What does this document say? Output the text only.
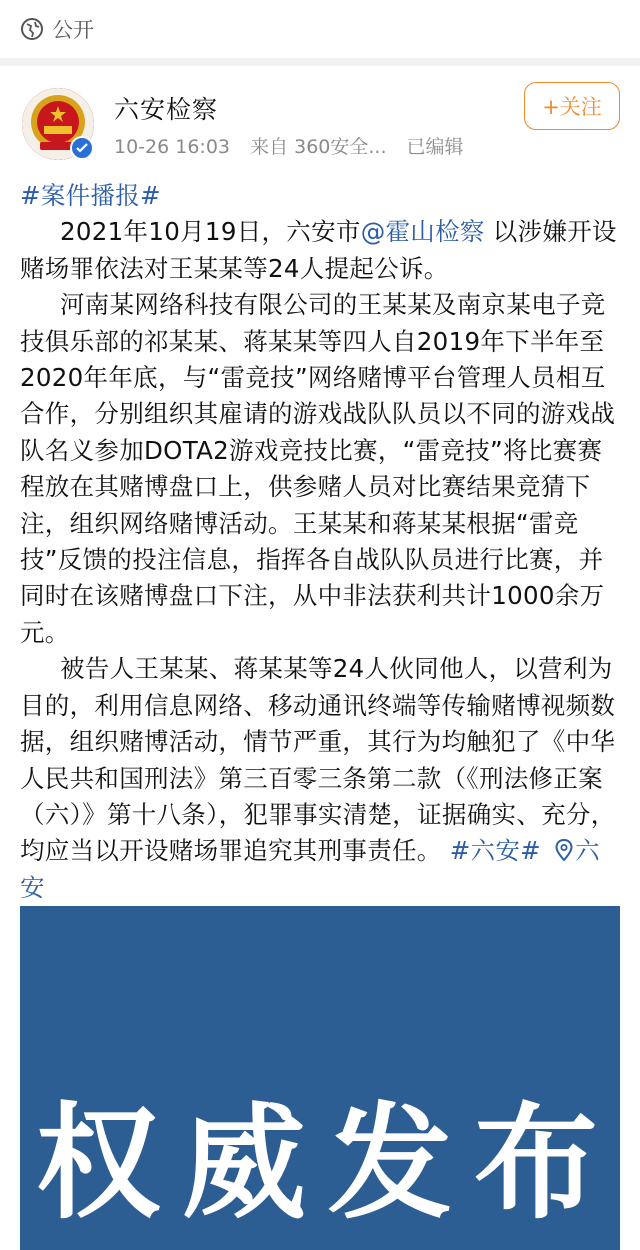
公开
六安检察
10-26 16:03 来自 360安全... 已编辑
+关注

#案件播报#
2021年10月19日，六安市@霍山检察 以涉嫌开设赌场罪依法对王某某等24人提起公诉。

河南某网络科技有限公司的王某某及南京某电子竞技俱乐部的祁某某、蒋某某等四人自2019年下半年至2020年年底，与“雷竞技”网络赌博平台管理人员相互合作，分别组织其雇请的游戏战队队员以不同的游戏战队名义参加DOTA2游戏竞技比赛，“雷竞技”将比赛赛程放在其赌博盘口上，供参赌人员对比赛结果竞猜下注，组织网络赌博活动。王某某和蒋某某根据“雷竞技”反馈的投注信息，指挥各自战队队员进行比赛，并同时在该赌博盘口下注，从中非法获利共计1000余万元。

被告人王某某、蒋某某等24人伙同他人，以营利为目的，利用信息网络、移动通讯终端等传输赌博视频数据，组织赌博活动，情节严重，其行为均触犯了《中华人民共和国刑法》第三百零三条第二款（《刑法修正案（六）》第十八条），犯罪事实清楚，证据确实、充分，均应当以开设赌场罪追究其刑事责任。 #六安# 六安

权威发布
